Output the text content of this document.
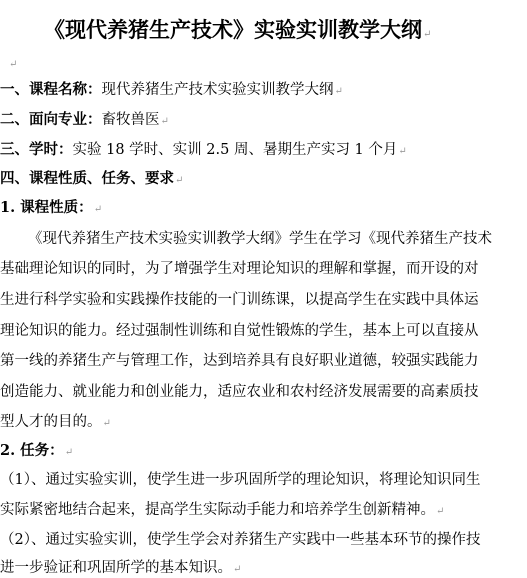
《现代养猪生产技术》实验实训教学大纲↵
↵
一、课程名称：现代养猪生产技术实验实训教学大纲↵
二、面向专业：畜牧兽医↵
三、学时：实验 18 学时、实训 2.5 周、暑期生产实习 1 个月↵
四、课程性质、任务、要求↵
1. 课程性质：↵
《现代养猪生产技术实验实训教学大纲》学生在学习《现代养猪生产技术
基础理论知识的同时，为了增强学生对理论知识的理解和掌握，而开设的对
生进行科学实验和实践操作技能的一门训练课，以提高学生在实践中具体运
理论知识的能力。经过强制性训练和自觉性锻炼的学生，基本上可以直接从
第一线的养猪生产与管理工作，达到培养具有良好职业道德，较强实践能力
创造能力、就业能力和创业能力，适应农业和农村经济发展需要的高素质技
型人才的目的。↵
2. 任务：↵
（1）、通过实验实训，使学生进一步巩固所学的理论知识，将理论知识同生
实际紧密地结合起来，提高学生实际动手能力和培养学生创新精神。↵
（2）、通过实验实训，使学生学会对养猪生产实践中一些基本环节的操作技
进一步验证和巩固所学的基本知识。↵
